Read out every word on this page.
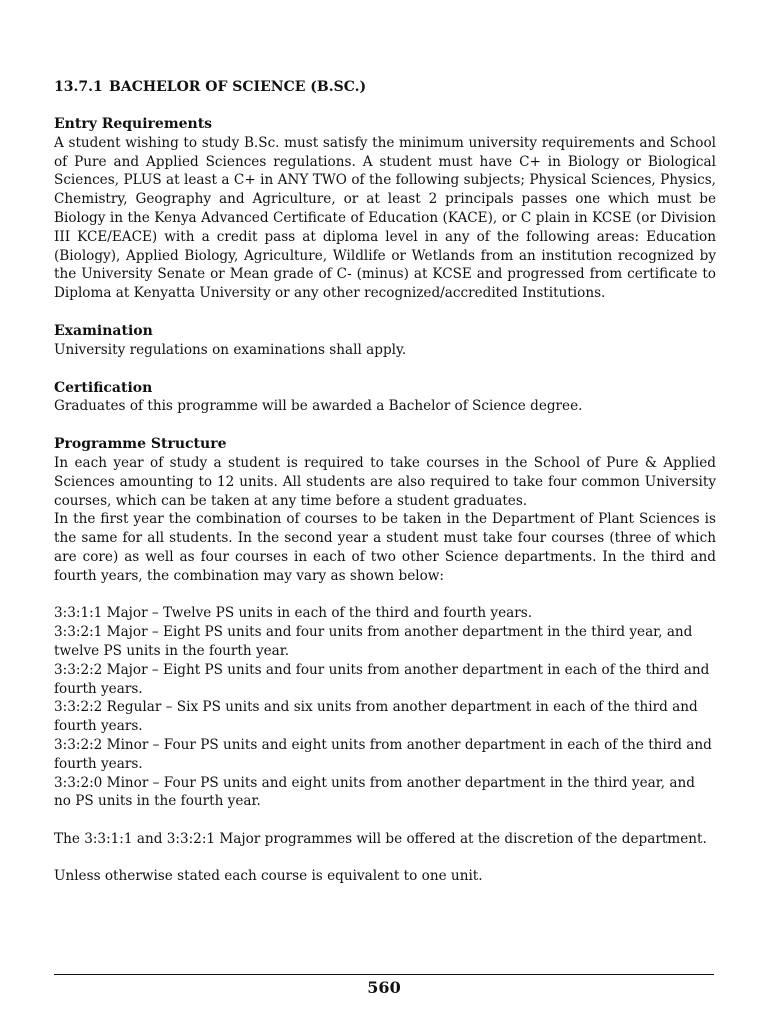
13.7.1 BACHELOR OF SCIENCE (B.SC.)

Entry Requirements

A student wishing to study B.Sc. must satisfy the minimum university requirements and School of Pure and Applied Sciences regulations. A student must have C+ in Biology or Biological Sciences, PLUS at least a C+ in ANY TWO of the following subjects; Physical Sciences, Physics, Chemistry, Geography and Agriculture, or at least 2 principals passes one which must be Biology in the Kenya Advanced Certificate of Education (KACE), or C plain in KCSE (or Division III KCE/EACE) with a credit pass at diploma level in any of the following areas: Education (Biology), Applied Biology, Agriculture, Wildlife or Wetlands from an institution recognized by the University Senate or Mean grade of C- (minus) at KCSE and progressed from certificate to Diploma at Kenyatta University or any other recognized/accredited Institutions.

Examination

University regulations on examinations shall apply.

Certification

Graduates of this programme will be awarded a Bachelor of Science degree.

Programme Structure

In each year of study a student is required to take courses in the School of Pure & Applied Sciences amounting to 12 units. All students are also required to take four common University courses, which can be taken at any time before a student graduates.

In the first year the combination of courses to be taken in the Department of Plant Sciences is the same for all students. In the second year a student must take four courses (three of which are core) as well as four courses in each of two other Science departments. In the third and fourth years, the combination may vary as shown below:

3:3:1:1 Major – Twelve PS units in each of the third and fourth years.

3:3:2:1 Major – Eight PS units and four units from another department in the third year, and twelve PS units in the fourth year.

3:3:2:2 Major – Eight PS units and four units from another department in each of the third and fourth years.

3:3:2:2 Regular – Six PS units and six units from another department in each of the third and fourth years.

3:3:2:2 Minor – Four PS units and eight units from another department in each of the third and fourth years.

3:3:2:0 Minor – Four PS units and eight units from another department in the third year, and no PS units in the fourth year.

The 3:3:1:1 and 3:3:2:1 Major programmes will be offered at the discretion of the department.

Unless otherwise stated each course is equivalent to one unit.

560
